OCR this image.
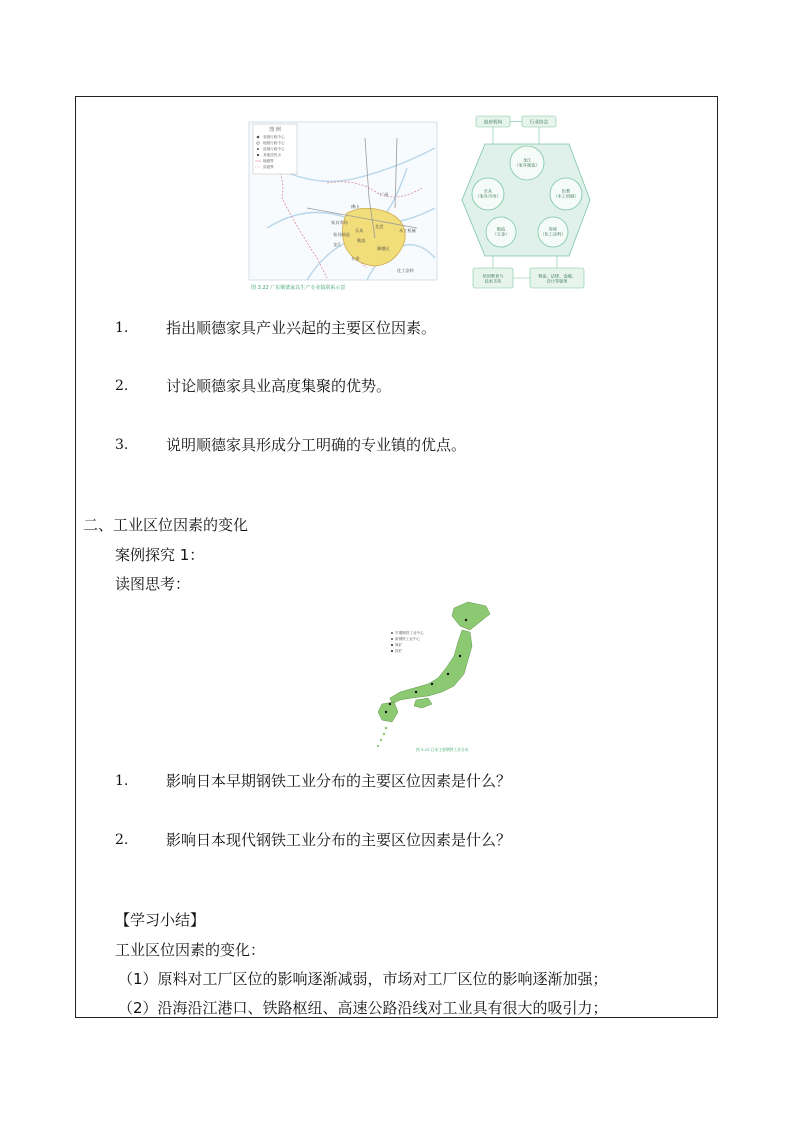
图 例
省级行政中心
地级行政中心
县级行政中心
其他居民点
地级界
县级界
广州
佛山
顺德区
家具市场
木工机械
五金
化工涂料
北滘
乐从
龙江
勒流
家具制造
图 3.22 广东顺德家具生产专业镇联系示意
政府机构	行业协会
龙江（家具制造）
乐从（家具市场）
伦教（木工机械）
勒流（五金）
容桂（化工涂料）
培训教育与技术支持
物流、法律、金融、会计等服务
1.	指出顺德家具产业兴起的主要区位因素。
2.	讨论顺德家具业高度集聚的优势。
3.	说明顺德家具形成分工明确的专业镇的优点。
二、工业区位因素的变化
案例探究 1：
读图思考：
早期钢铁工业中心
新钢铁工业中心
煤矿
铁矿
图 3.23 日本主要钢铁工业分布
1.	影响日本早期钢铁工业分布的主要区位因素是什么？
2.	影响日本现代钢铁工业分布的主要区位因素是什么？
【学习小结】
工业区位因素的变化：
（1）原料对工厂区位的影响逐渐减弱，市场对工厂区位的影响逐渐加强；
（2）沿海沿江港口、铁路枢纽、高速公路沿线对工业具有很大的吸引力；
